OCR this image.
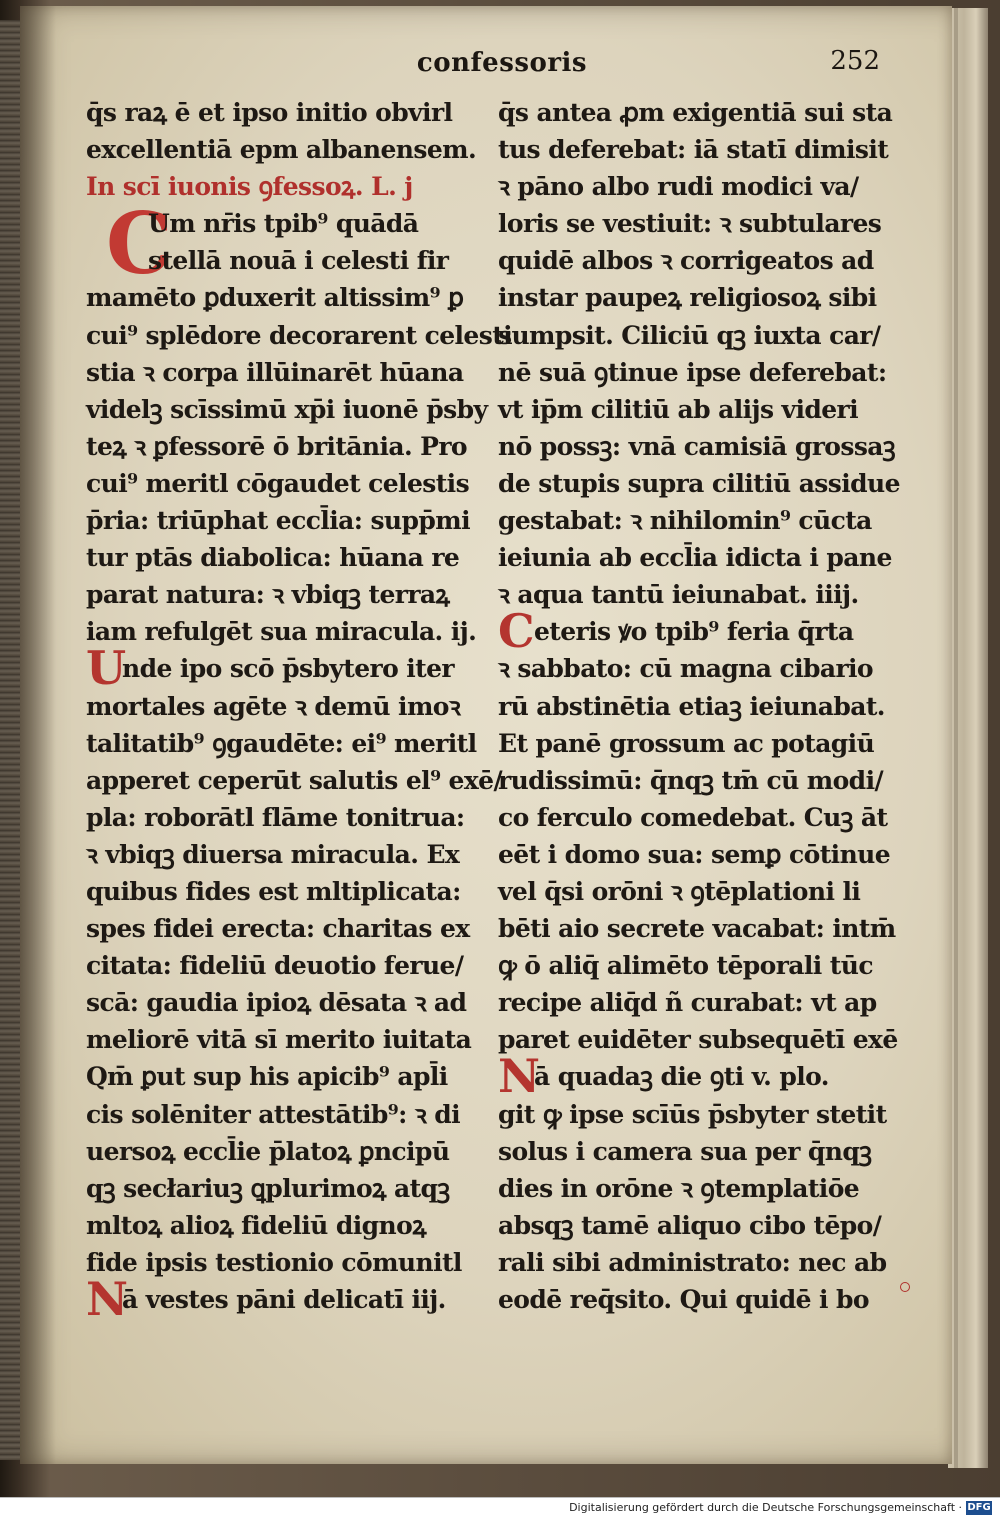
confessoris	252
q̄s raꝝ ē et ipso initio obvirl
excellentiā epm albanensem.
In scī iuonis ꝯfessoꝝ. L. j
C
Um nr̄is tpib⁹ quādā
stellā nouā i celesti fir
mamēto ꝑduxerit altissim⁹ ꝑ
cui⁹ splēdore decorarent celesti
stia ꝛ corpa illūinarēt hūana
videlꝫ scīssimū xp̄i iuonē p̄sby
teꝝ ꝛ ꝑfessorē ō britānia. Pro
cui⁹ meritl cōgaudet celestis
p̄ria: triūphat eccl̄ia: supp̄mi
tur ptās diabolica: hūana re
parat natura: ꝛ vbiqꝫ terraꝝ
iam refulgēt sua miracula. ij.
Unde ipo scō p̄sbytero iter
mortales agēte ꝛ demū imoꝛ
talitatib⁹ ꝯgaudēte: ei⁹ meritl
apperet ceperūt salutis el⁹ exē/
pla: roborātl flāme tonitrua:
ꝛ vbiqꝫ diuersa miracula. Ex
quibus fides est mltiplicata:
spes fidei erecta: charitas ex
citata: fideliū deuotio ferue/
scā: gaudia ipioꝝ dēsata ꝛ ad
meliorē vitā sī merito iuitata
Qm̄ ꝑut sup his apicib⁹ apl̄i
cis solēniter attestātib⁹: ꝛ di
uersoꝝ eccl̄ie p̄latoꝝ ꝑncipū
qꝫ secłariuꝫ ꝗplurimoꝝ atqꝫ
mltoꝝ alioꝝ fideliū dignoꝝ
fide ipsis testionio cōmunitl
Nā vestes pāni delicatī iij.
q̄s antea ꝓm exigentiā sui sta
tus deferebat: iā statī dimisit
ꝛ pāno albo rudi modici va/
loris se vestiuit: ꝛ subtulares
quidē albos ꝛ corrigeatos ad
instar paupeꝝ religiosoꝝ sibi
sumpsit. Ciliciū qꝫ iuxta car/
nē suā ꝯtinue ipse deferebat:
vt ip̄m cilitiū ab alijs videri
nō possꝫ: vnā camisiā grossaꝫ
de stupis supra cilitiū assidue
gestabat: ꝛ nihilomin⁹ cūcta
ieiunia ab eccl̄ia idicta i pane
ꝛ aqua tantū ieiunabat. iiij.
Ceteris ꝟo tpib⁹ feria q̄rta
ꝛ sabbato: cū magna cibario
rū abstinētia etiaꝫ ieiunabat.
Et panē grossum ac potagiū
rudissimū: q̄nqꝫ tm̄ cū modi/
co ferculo comedebat. Cuꝫ āt
eēt i domo sua: semꝑ cōtinue
vel q̄si orōni ꝛ ꝯtēplationi li
bēti aio secrete vacabat: intm̄
ꝙ ō aliq̄ alimēto tēporali tūc
recipe aliq̄d ñ curabat: vt ap
paret euidēter subsequētī exē
Nā quadaꝫ die ꝯti v. plo.
git ꝙ ipse scīūs p̄sbyter stetit
solus i camera sua per q̄nqꝫ
dies in orōne ꝛ ꝯtemplatiōe
absqꝫ tamē aliquo cibo tēpo/
rali sibi administrato: nec ab
eodē req̄sito. Qui quidē i bo
Digitalisierung gefördert durch die Deutsche Forschungsgemeinschaft · DFG
